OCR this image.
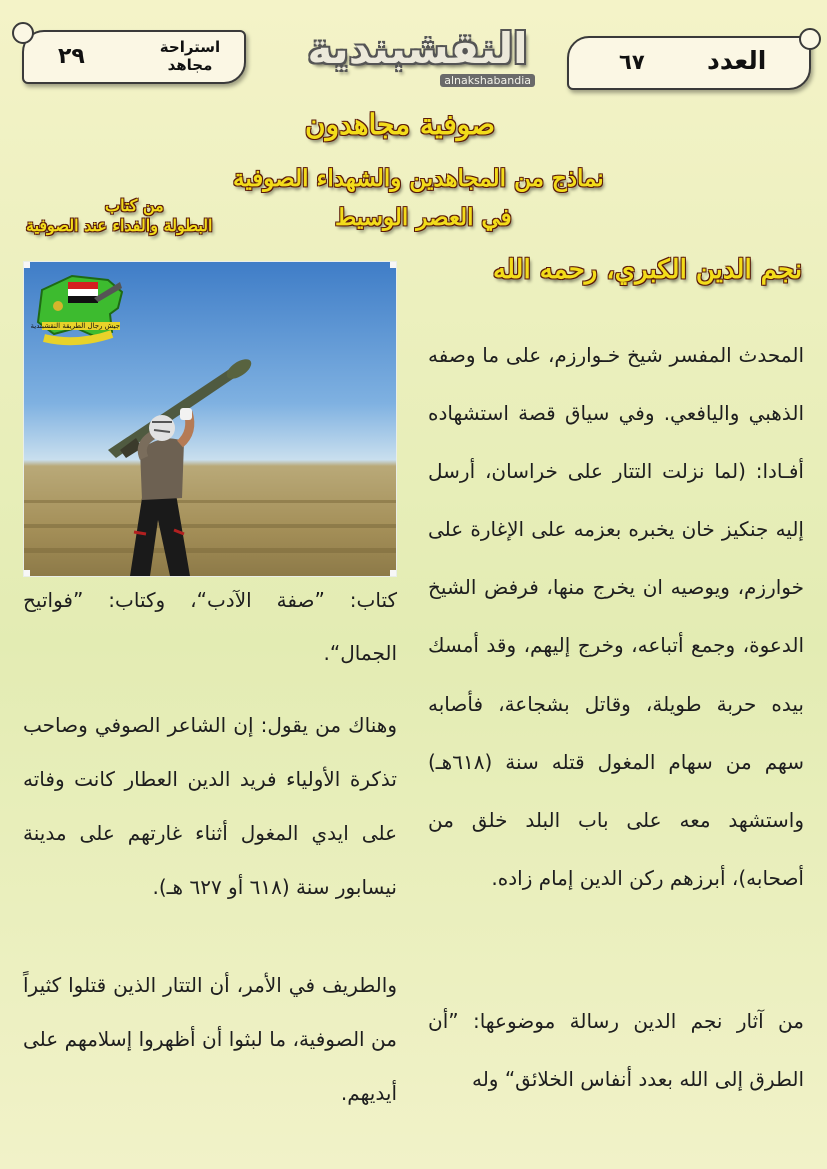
٢٩	استراحة مجاهد	النقشبندية
alnakshabandia
٦٧ العدد
صوفية مجاهدون
نماذج من المجاهدين والشهداء الصوفية
في العصر الوسيط
من كتاب
البطولة والفداء عند الصوفية
نجم الدين الكبري، رحمه الله
جيش رجال الطريقة النقشبندية

المحدث المفسر شيخ خـوارزم، على ما وصفه الذهبي واليافعي. وفي سياق قصة استشهاده أفـادا: (لما نزلت التتار على خراسان، أرسل إليه جنكيز خان يخبره بعزمه على الإغارة على خوارزم، ويوصيه ان يخرج منها، فرفض الشيخ الدعوة، وجمع أتباعه، وخرج إليهم، وقد أمسك بيده حربة طويلة، وقاتل بشجاعة، فأصابه سهم من سهام المغول قتله سنة (٦١٨هـ) واستشهد معه على باب البلد خلق من أصحابه)، أبرزهم ركن الدين إمام زاده.

من آثار نجم الدين رسالة موضوعها: ”أن الطرق إلى الله بعدد أنفاس الخلائق“ وله

كتاب: ”صفة الآدب“، وكتاب: ”فواتيح الجمال“.

وهناك من يقول: إن الشاعر الصوفي وصاحب تذكرة الأولياء فريد الدين العطار كانت وفاته على ايدي المغول أثناء غارتهم على مدينة نيسابور سنة (٦١٨ أو ٦٢٧ هـ).

والطريف في الأمر، أن التتار الذين قتلوا كثيراً من الصوفية، ما لبثوا أن أظهروا إسلامهم على أيديهم.
